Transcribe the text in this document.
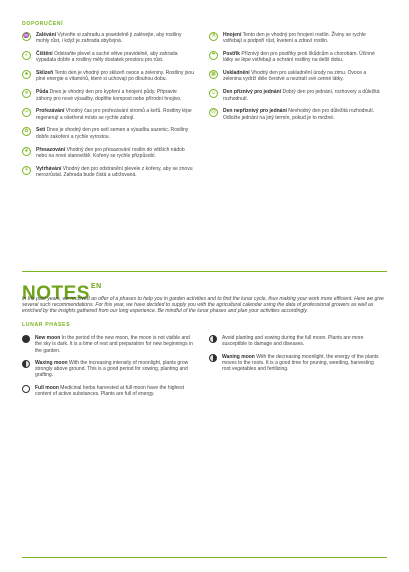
DOPORUČENÍ
♒ Zalévání Vytvořte si zahradu a pravidelně ji zalévejte, aby rostliny mohly růst, i když je zahrada obyčejná.
◐ Čištění Odstraňte plevel a suché větve pravidelně, aby zahrada vypadala dobře a rostliny měly dostatek prostoru pro růst.
♣ Sklizeň Tento den je vhodný pro sklizeň ovoce a zeleniny. Rostliny jsou plné energie a vitamínů, které si uchovají po dlouhou dobu.
≋ Půda Dnes je vhodný den pro kypření a hnojení půdy. Připravte záhony pro nové výsadby, doplňte kompost nebo přírodní hnojivo.
✂ Prořezávání Vhodný čas pro prořezávání stromů a keřů. Rostliny lépe regenerují a ošetřené místo se rychle zahojí.
✿ Setí Dnes je vhodný den pro setí semen a výsadbu sazenic. Rostliny dobře zakoření a rychle vyrostou.
❦ Přesazování Vhodný den pro přesazování rostlin do větších nádob nebo na nové stanoviště. Kořeny se rychle přizpůsobí.
⚘ Vytrhávání Vhodný den pro odstranění plevele z kořeny, aby se znovu nerozrůstal. Zahrada bude čistá a udržovaná.
⚗ Hnojení Tento den je vhodný pro hnojení rostlin. Živiny se rychle vstřebají a podpoří růst, kvetení a zdraví rostlin.
☂ Postřik Příznivý den pro postřiky proti škůdcům a chorobám. Účinné látky se lépe vstřebají a ochrání rostliny na delší dobu.
▦ Uskladnění Vhodný den pro uskladnění úrody na zimu. Ovoce a zelenina vydrží déle čerstvé a neztratí své cenné látky.
☺ Den příznivý pro jednání Dobrý den pro jednání, rozhovory a důležitá rozhodnutí.
☹ Den nepříznivý pro jednání Nevhodný den pro důležitá rozhodnutí. Odložte jednání na jiný termín, pokud je to možné.
$NOTES^{EN}$
In the past years, we received an offer of a phases to help you in garden activities and to find the lunar cycle, thus making your work more efficient. Here we give several such recommendations. For this year, we have decided to supply you with the agricultural calendar using the data of professional growers as well as enriched by the insights gathered from our long experience. Be mindful of the lunar phases and plan your activities accordingly.
LUNAR PHASES
New moon In the period of the new moon, the moon is not visible and the sky is dark. It is a time of rest and preparation for new beginnings in the garden.
Waxing moon With the increasing intensity of moonlight, plants grow strongly above ground. This is a good period for sowing, planting and grafting.
Full moon Medicinal herbs harvested at full moon have the highest content of active substances. Plants are full of energy.
Avoid planting and sowing during the full moon. Plants are more susceptible to damage and diseases.
Waning moon With the decreasing moonlight, the energy of the plants moves to the roots. It is a good time for pruning, weeding, harvesting root vegetables and fertilizing.
